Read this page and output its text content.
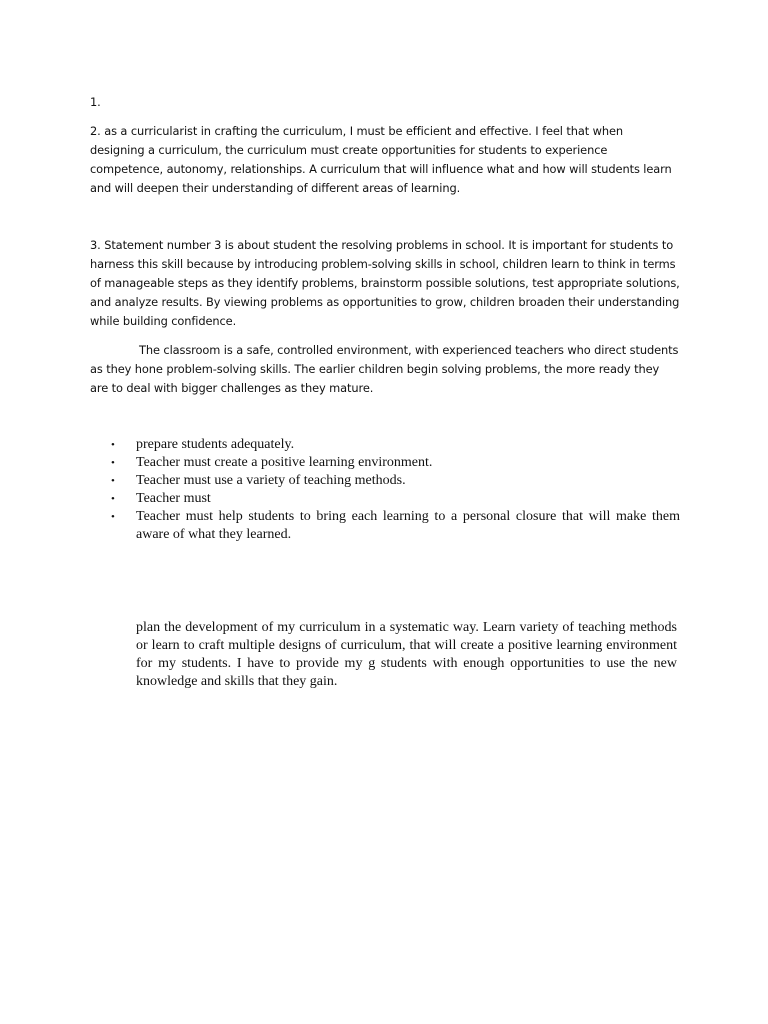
1.

2. as a curricularist in crafting the curriculum, I must be efficient and effective. I feel that when designing a curriculum, the curriculum must create opportunities for students to experience competence, autonomy, relationships. A curriculum that will influence what and how will students learn and will deepen their understanding of different areas of learning.

3. Statement number 3 is about student the resolving problems in school. It is important for students to harness this skill because by introducing problem-solving skills in school, children learn to think in terms of manageable steps as they identify problems, brainstorm possible solutions, test appropriate solutions, and analyze results. By viewing problems as opportunities to grow, children broaden their understanding while building confidence.

The classroom is a safe, controlled environment, with experienced teachers who direct students as they hone problem-solving skills. The earlier children begin solving problems, the more ready they are to deal with bigger challenges as they mature.

• prepare students adequately.
• Teacher must create a positive learning environment.
• Teacher must use a variety of teaching methods.
• Teacher must
• Teacher must help students to bring each learning to a personal closure that will make them aware of what they learned.

plan the development of my curriculum in a systematic way. Learn variety of teaching methods or learn to craft multiple designs of curriculum, that will create a positive learning environment for my students. I have to provide my g students with enough opportunities to use the new knowledge and skills that they gain.
